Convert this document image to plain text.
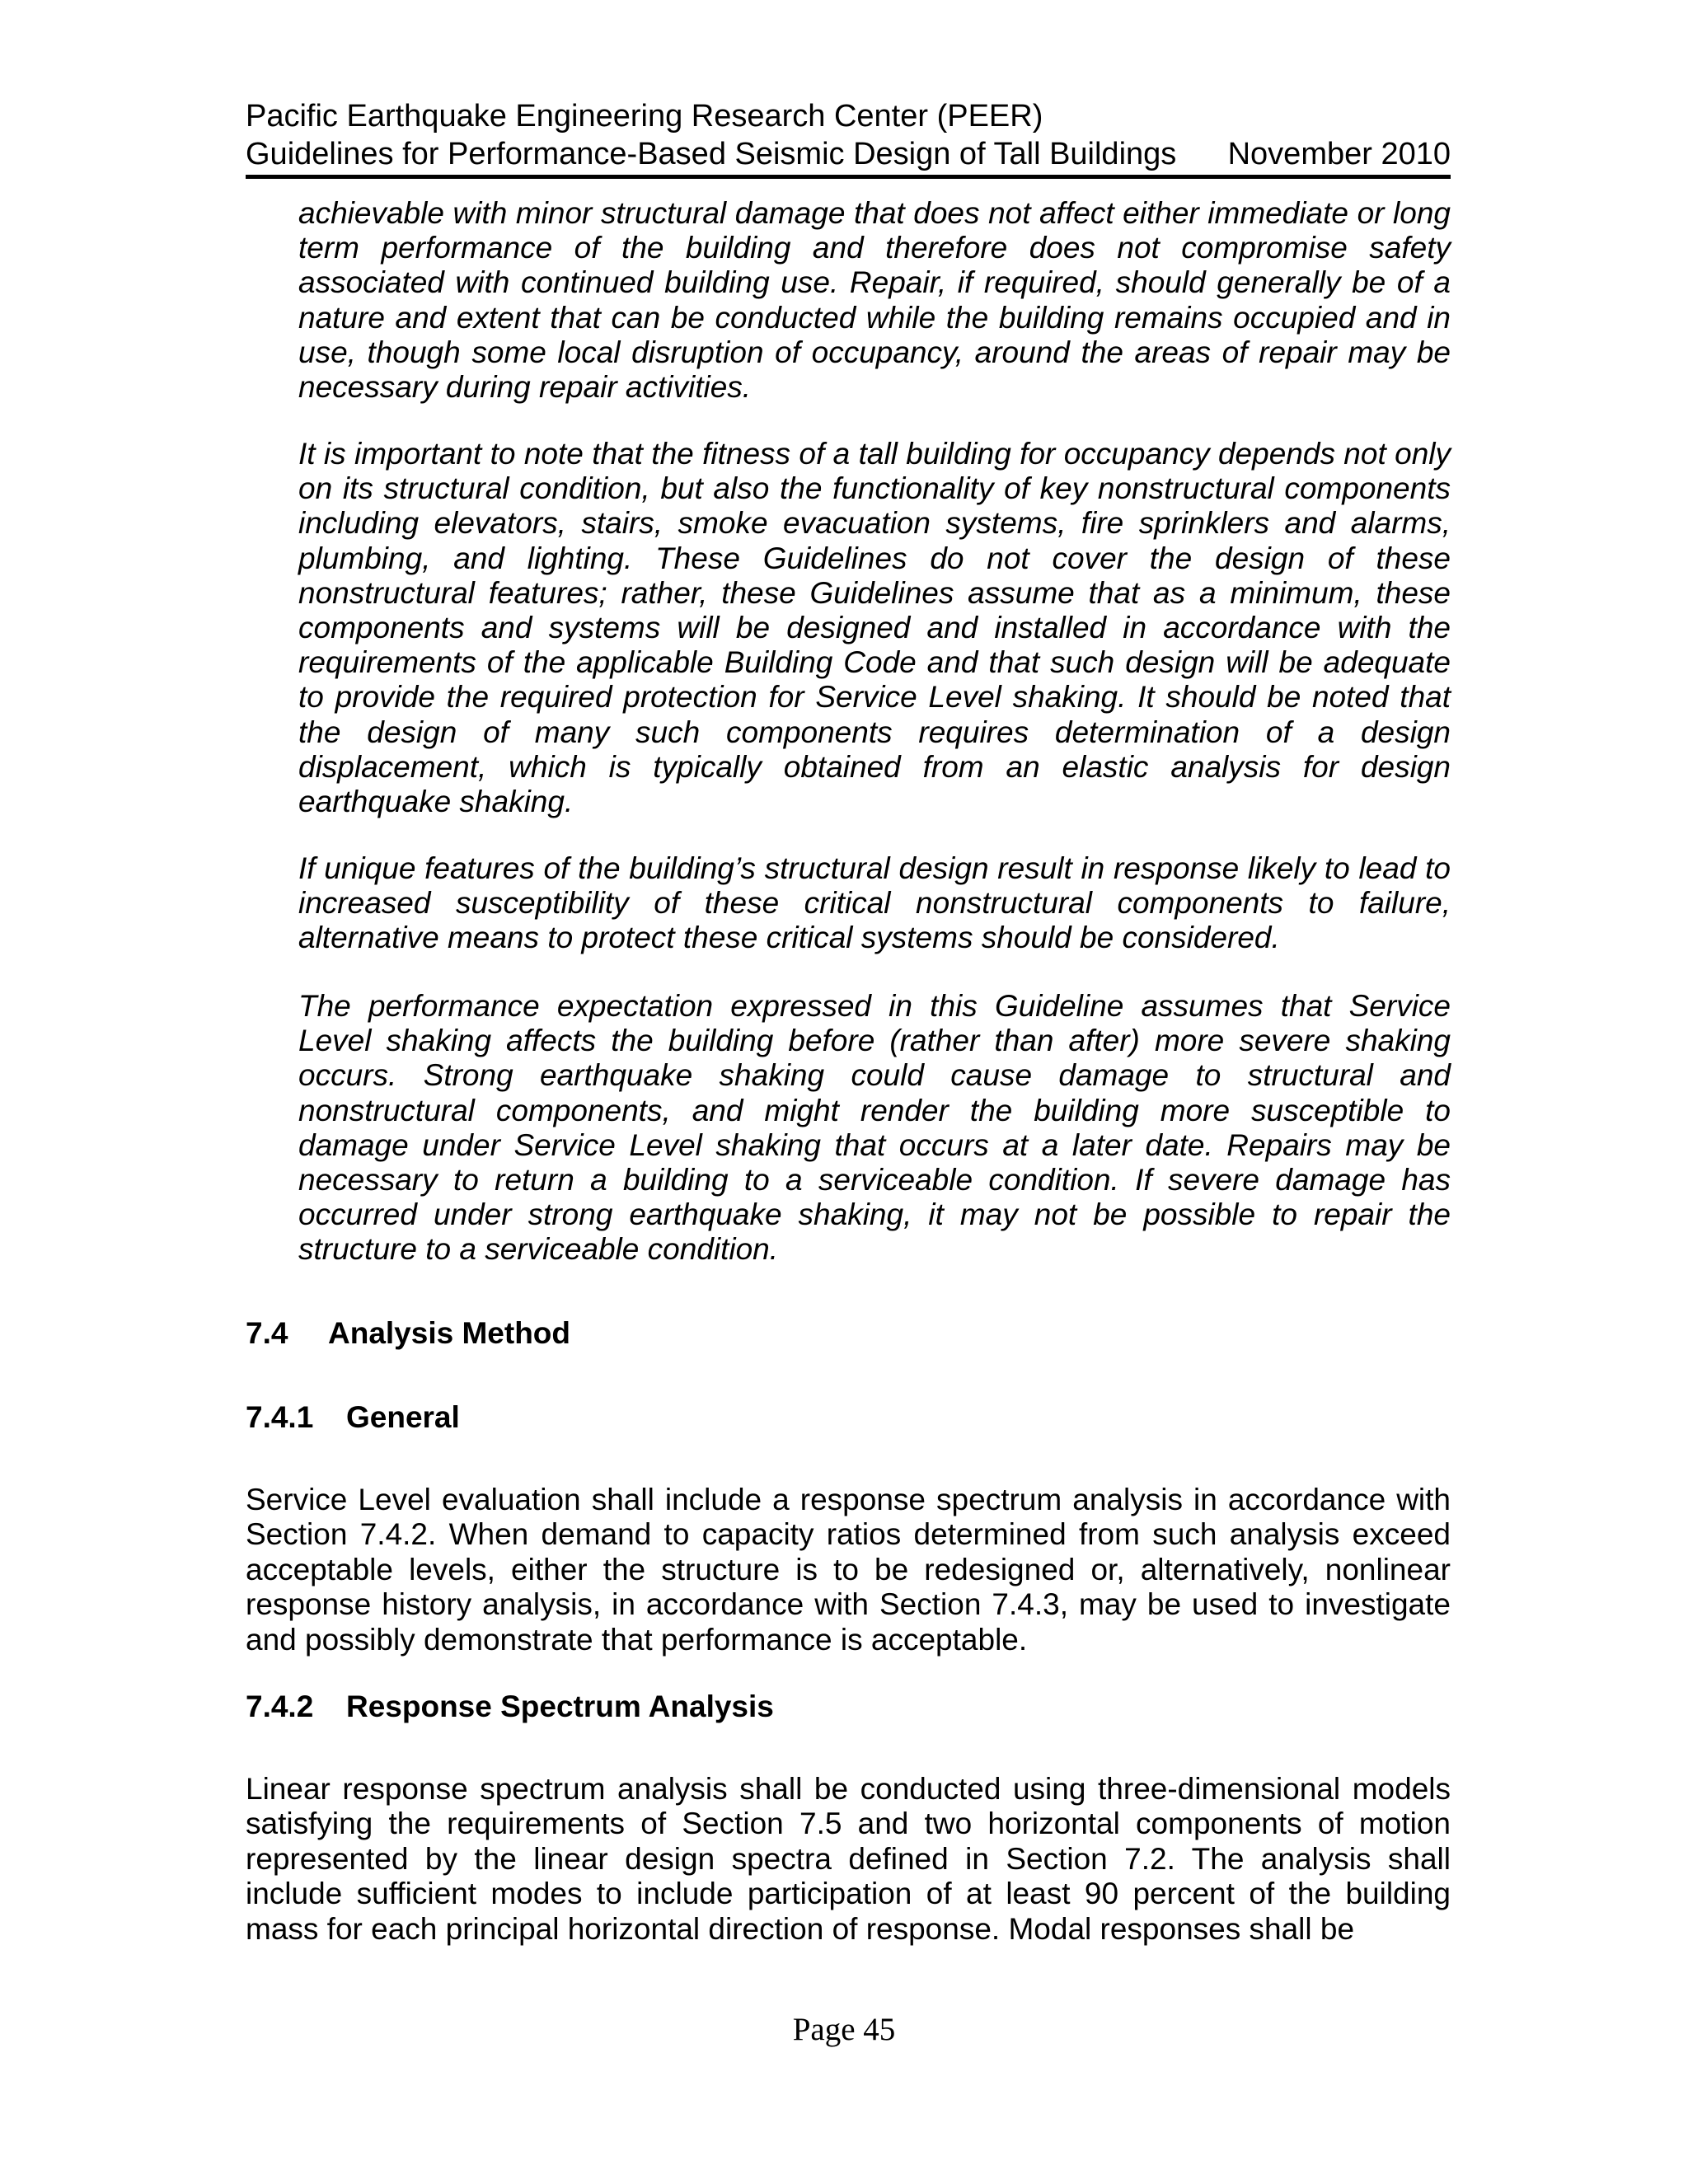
Pacific Earthquake Engineering Research Center (PEER)
Guidelines for Performance-Based Seismic Design of Tall Buildings November 2010

achievable with minor structural damage that does not affect either immediate or long term performance of the building and therefore does not compromise safety associated with continued building use. Repair, if required, should generally be of a nature and extent that can be conducted while the building remains occupied and in use, though some local disruption of occupancy, around the areas of repair may be necessary during repair activities.

It is important to note that the fitness of a tall building for occupancy depends not only on its structural condition, but also the functionality of key nonstructural components including elevators, stairs, smoke evacuation systems, fire sprinklers and alarms, plumbing, and lighting. These Guidelines do not cover the design of these nonstructural features; rather, these Guidelines assume that as a minimum, these components and systems will be designed and installed in accordance with the requirements of the applicable Building Code and that such design will be adequate to provide the required protection for Service Level shaking. It should be noted that the design of many such components requires determination of a design displacement, which is typically obtained from an elastic analysis for design earthquake shaking.

If unique features of the building’s structural design result in response likely to lead to increased susceptibility of these critical nonstructural components to failure, alternative means to protect these critical systems should be considered.

The performance expectation expressed in this Guideline assumes that Service Level shaking affects the building before (rather than after) more severe shaking occurs. Strong earthquake shaking could cause damage to structural and nonstructural components, and might render the building more susceptible to damage under Service Level shaking that occurs at a later date. Repairs may be necessary to return a building to a serviceable condition. If severe damage has occurred under strong earthquake shaking, it may not be possible to repair the structure to a serviceable condition.

7.4 Analysis Method
7.4.1 General

Service Level evaluation shall include a response spectrum analysis in accordance with Section 7.4.2. When demand to capacity ratios determined from such analysis exceed acceptable levels, either the structure is to be redesigned or, alternatively, nonlinear response history analysis, in accordance with Section 7.4.3, may be used to investigate and possibly demonstrate that performance is acceptable.

7.4.2 Response Spectrum Analysis

Linear response spectrum analysis shall be conducted using three-dimensional models satisfying the requirements of Section 7.5 and two horizontal components of motion represented by the linear design spectra defined in Section 7.2. The analysis shall include sufficient modes to include participation of at least 90 percent of the building mass for each principal horizontal direction of response. Modal responses shall be

Page 45
